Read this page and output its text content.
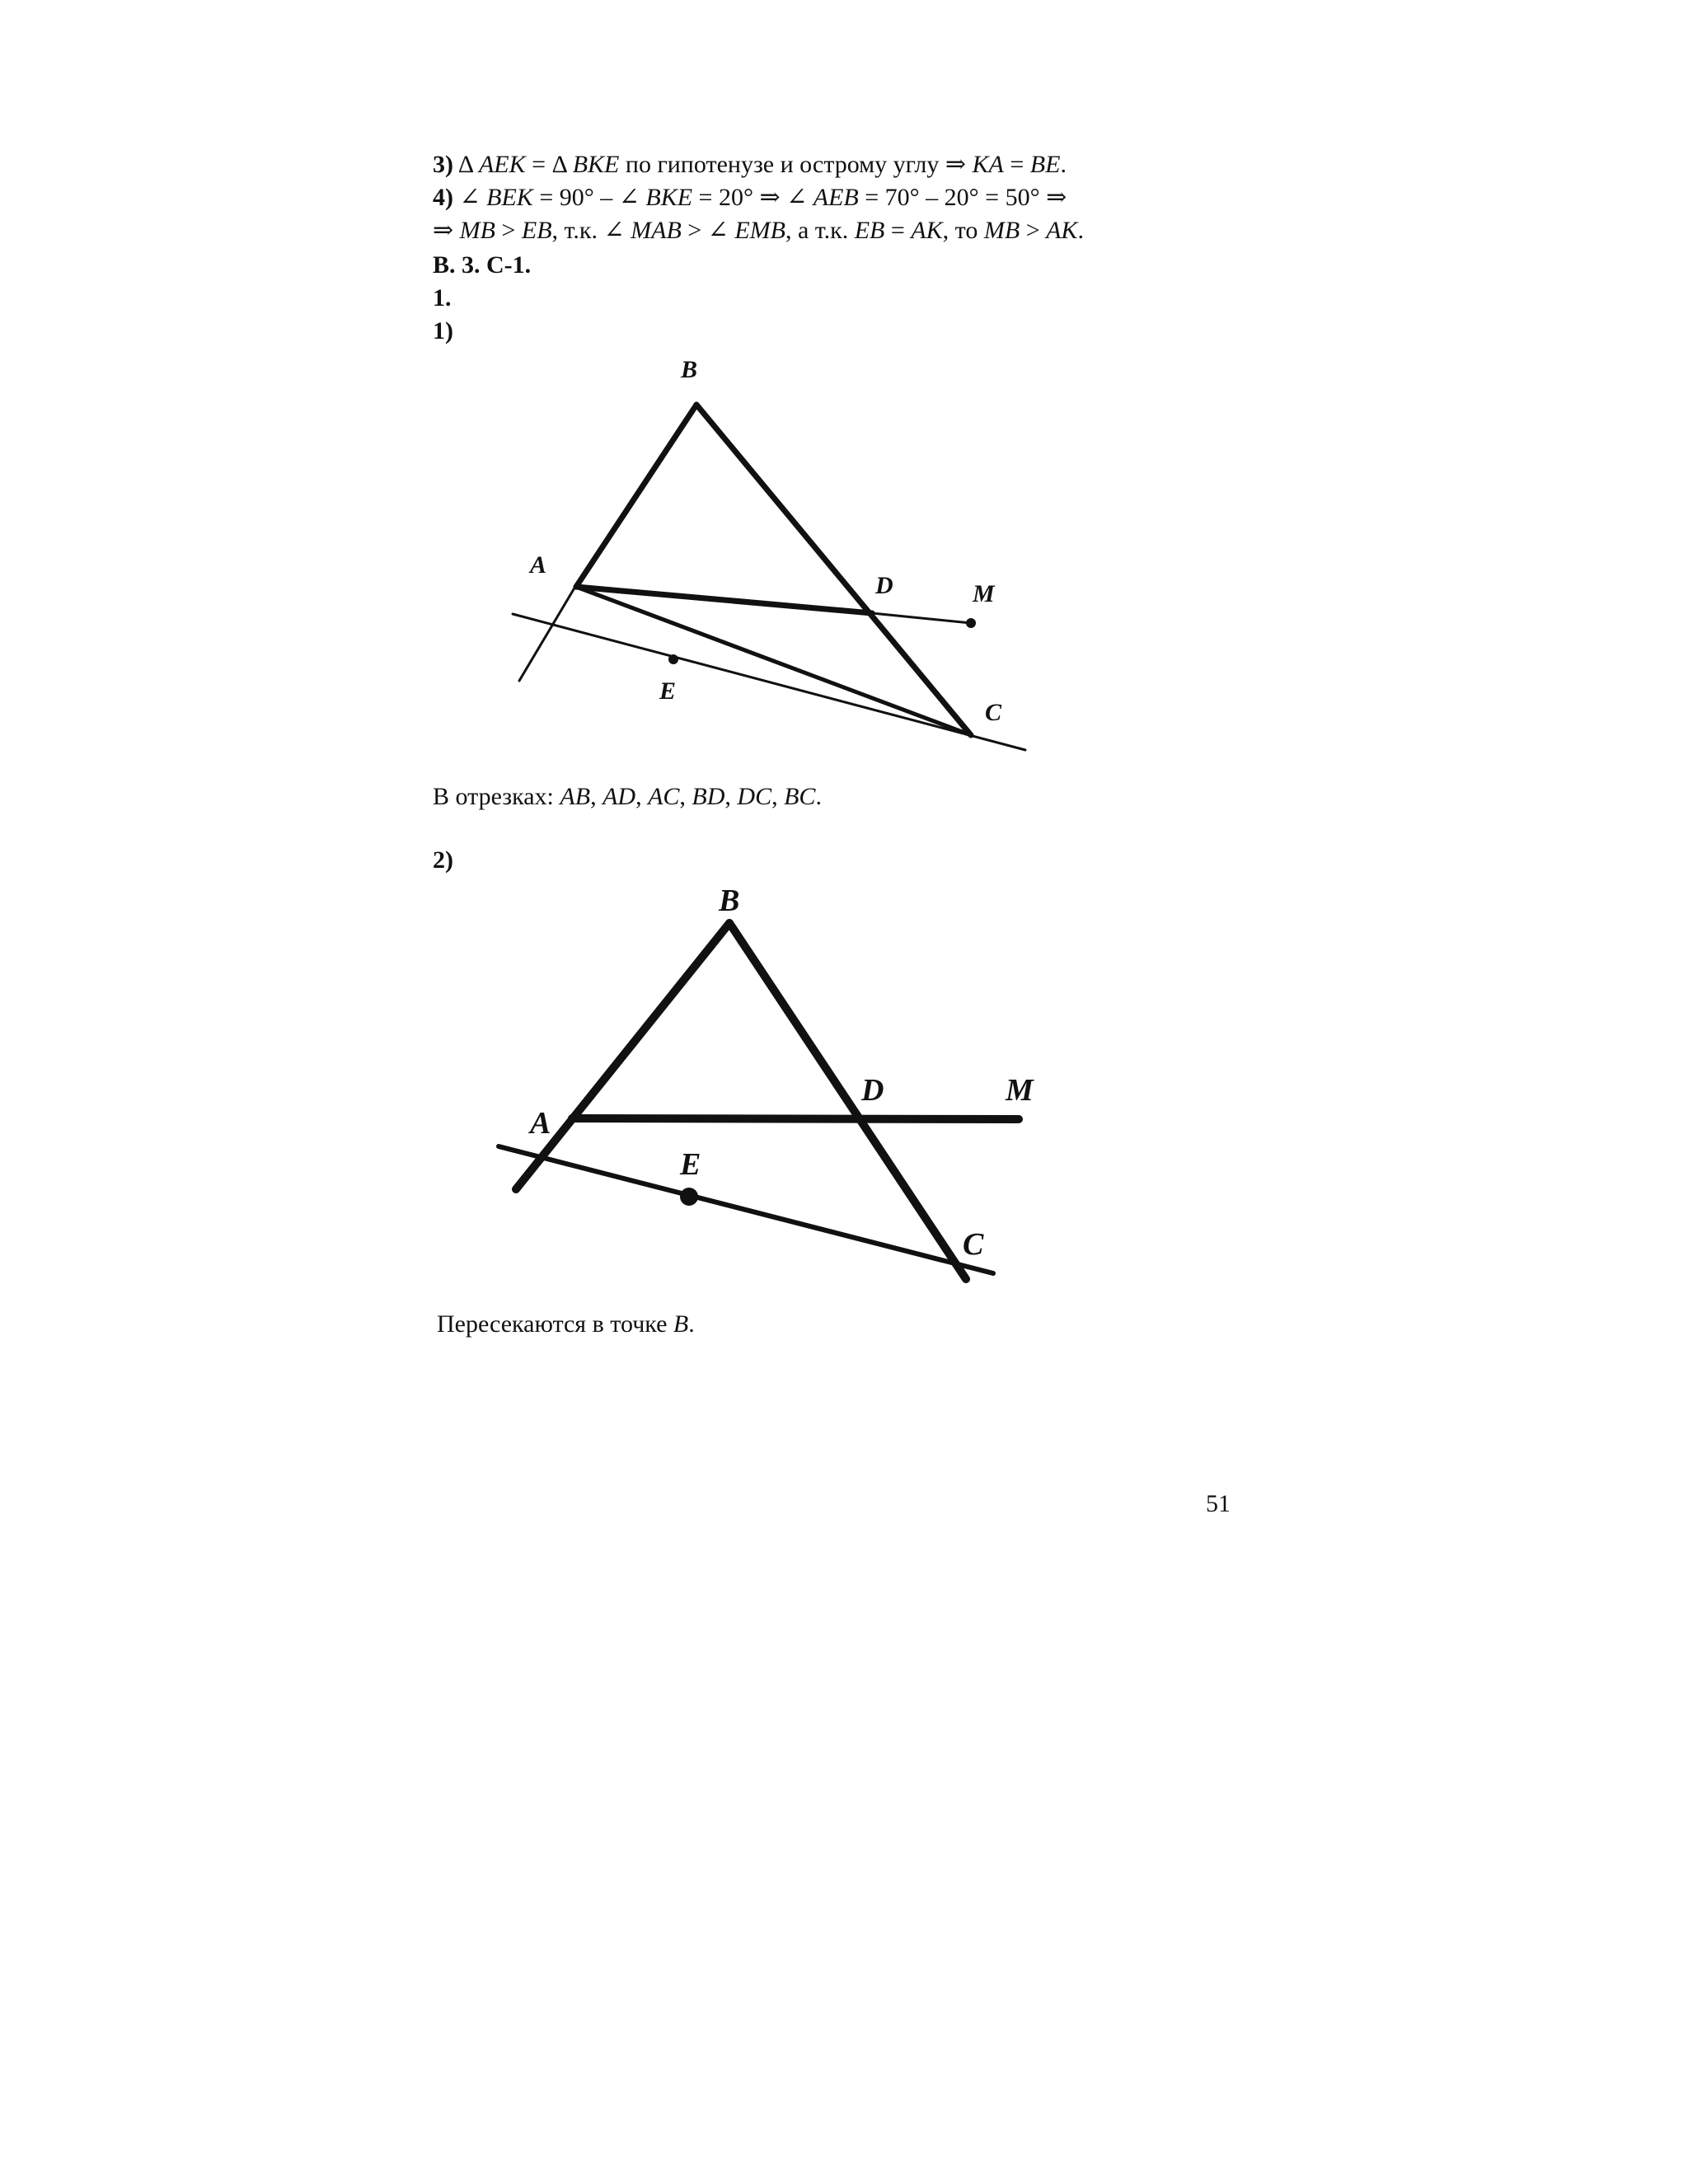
3) Δ AEK = Δ BKE по гипотенузе и острому углу ⇒ KA = BE.
4) ∠ BEK = 90° – ∠ BKE = 20° ⇒ ∠ AEB = 70° – 20° = 50° ⇒
⇒ MB > EB, т.к. ∠ MAB > ∠ EMB, а т.к. EB = AK, то MB > AK.
В. 3. С-1.
1.
1)
B
A
D	M
E
C
В отрезках: AB, AD, AC, BD, DC, BC.
2)
B
A
D	M
E
C
Пересекаются в точке B.
51
